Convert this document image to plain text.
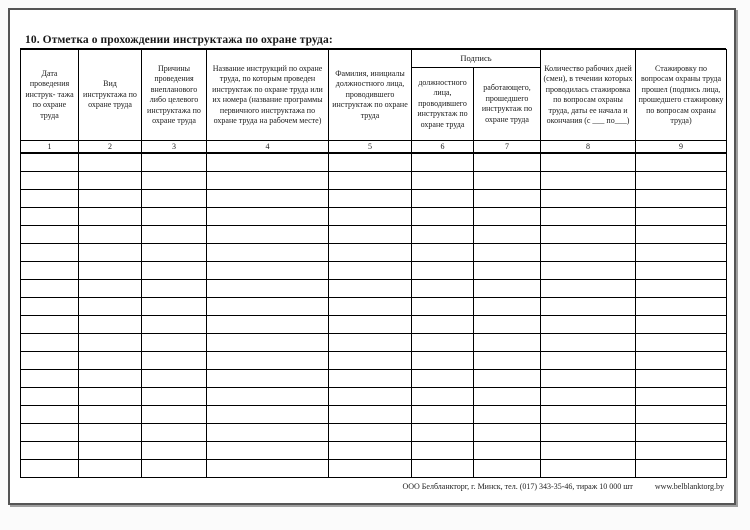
10. Отметка о прохождении инструктажа по охране труда:
Дата проведения инструк- тажа по охране труда	Вид инструктажа по охране труда	Причины проведения внепланового либо целевого инструктажа по охране труда	Название инструкций по охране труда, по которым проведен инструктаж по охране труда или их номера (название программы первичного инструктажа по охране труда на рабочем месте)	Фамилия, инициалы должностного лица, проводившего инструктаж по охране труда	Подпись		Количество рабочих дней (смен), в течении которых проводилась стажировка по вопросам охраны труда, даты ее начала и окончания (с ___ по___)	Стажировку по вопросам охраны труда прошел (подпись лица, прошедшего стажировку по вопросам охраны труда)
					должностного лица, проводившего инструктаж по охране труда	работающего, прошедшего инструктаж по охране труда		
1	2	3	4	5	6	7	8	9

ООО Белбланкторг, г. Минск, тел. (017) 343-35-46, тираж 10 000 шт	www.belblanktorg.by
